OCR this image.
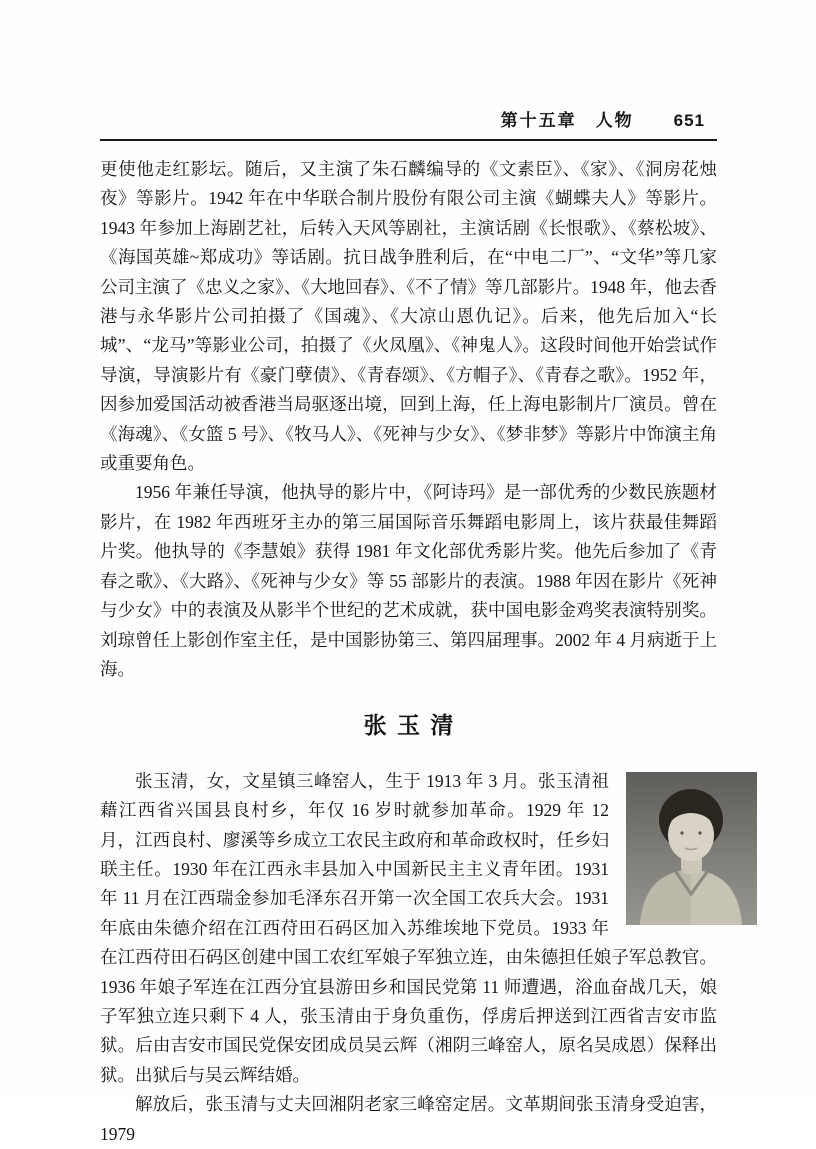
第十五章　人物 651

更使他走红影坛。随后，又主演了朱石麟编导的《文素臣》、《家》、《洞房花烛夜》等影片。1942 年在中华联合制片股份有限公司主演《蝴蝶夫人》等影片。1943 年参加上海剧艺社，后转入天风等剧社，主演话剧《长恨歌》、《蔡松坡》、《海国英雄~郑成功》等话剧。抗日战争胜利后，在“中电二厂”、“文华”等几家公司主演了《忠义之家》、《大地回春》、《不了情》等几部影片。1948 年，他去香港与永华影片公司拍摄了《国魂》、《大凉山恩仇记》。后来，他先后加入“长城”、“龙马”等影业公司，拍摄了《火凤凰》、《神鬼人》。这段时间他开始尝试作导演，导演影片有《豪门孽债》、《青春颂》、《方帽子》、《青春之歌》。1952 年，因参加爱国活动被香港当局驱逐出境，回到上海，任上海电影制片厂演员。曾在《海魂》、《女篮 5 号》、《牧马人》、《死神与少女》、《梦非梦》等影片中饰演主角或重要角色。

1956 年兼任导演，他执导的影片中，《阿诗玛》是一部优秀的少数民族题材影片，在 1982 年西班牙主办的第三届国际音乐舞蹈电影周上，该片获最佳舞蹈片奖。他执导的《李慧娘》获得 1981 年文化部优秀影片奖。他先后参加了《青春之歌》、《大路》、《死神与少女》等 55 部影片的表演。1988 年因在影片《死神与少女》中的表演及从影半个世纪的艺术成就，获中国电影金鸡奖表演特别奖。刘琼曾任上影创作室主任，是中国影协第三、第四届理事。2002 年 4 月病逝于上海。

张玉清

张玉清，女，文星镇三峰窑人，生于 1913 年 3 月。张玉清祖藉江西省兴国县良村乡，年仅 16 岁时就参加革命。1929 年 12 月，江西良村、廖溪等乡成立工农民主政府和革命政权时，任乡妇联主任。1930 年在江西永丰县加入中国新民主主义青年团。1931 年 11 月在江西瑞金参加毛泽东召开第一次全国工农兵大会。1931 年底由朱德介绍在江西苻田石码区加入苏维埃地下党员。1933 年在江西苻田石码区创建中国工农红军娘子军独立连，由朱德担任娘子军总教官。1936 年娘子军连在江西分宜县游田乡和国民党第 11 师遭遇，浴血奋战几天，娘子军独立连只剩下 4 人，张玉清由于身负重伤，俘虏后押送到江西省吉安市监狱。后由吉安市国民党保安团成员吴云辉（湘阴三峰窑人，原名吴成恩）保释出狱。出狱后与吴云辉结婚。

解放后，张玉清与丈夫回湘阴老家三峰窑定居。文革期间张玉清身受迫害，1979
